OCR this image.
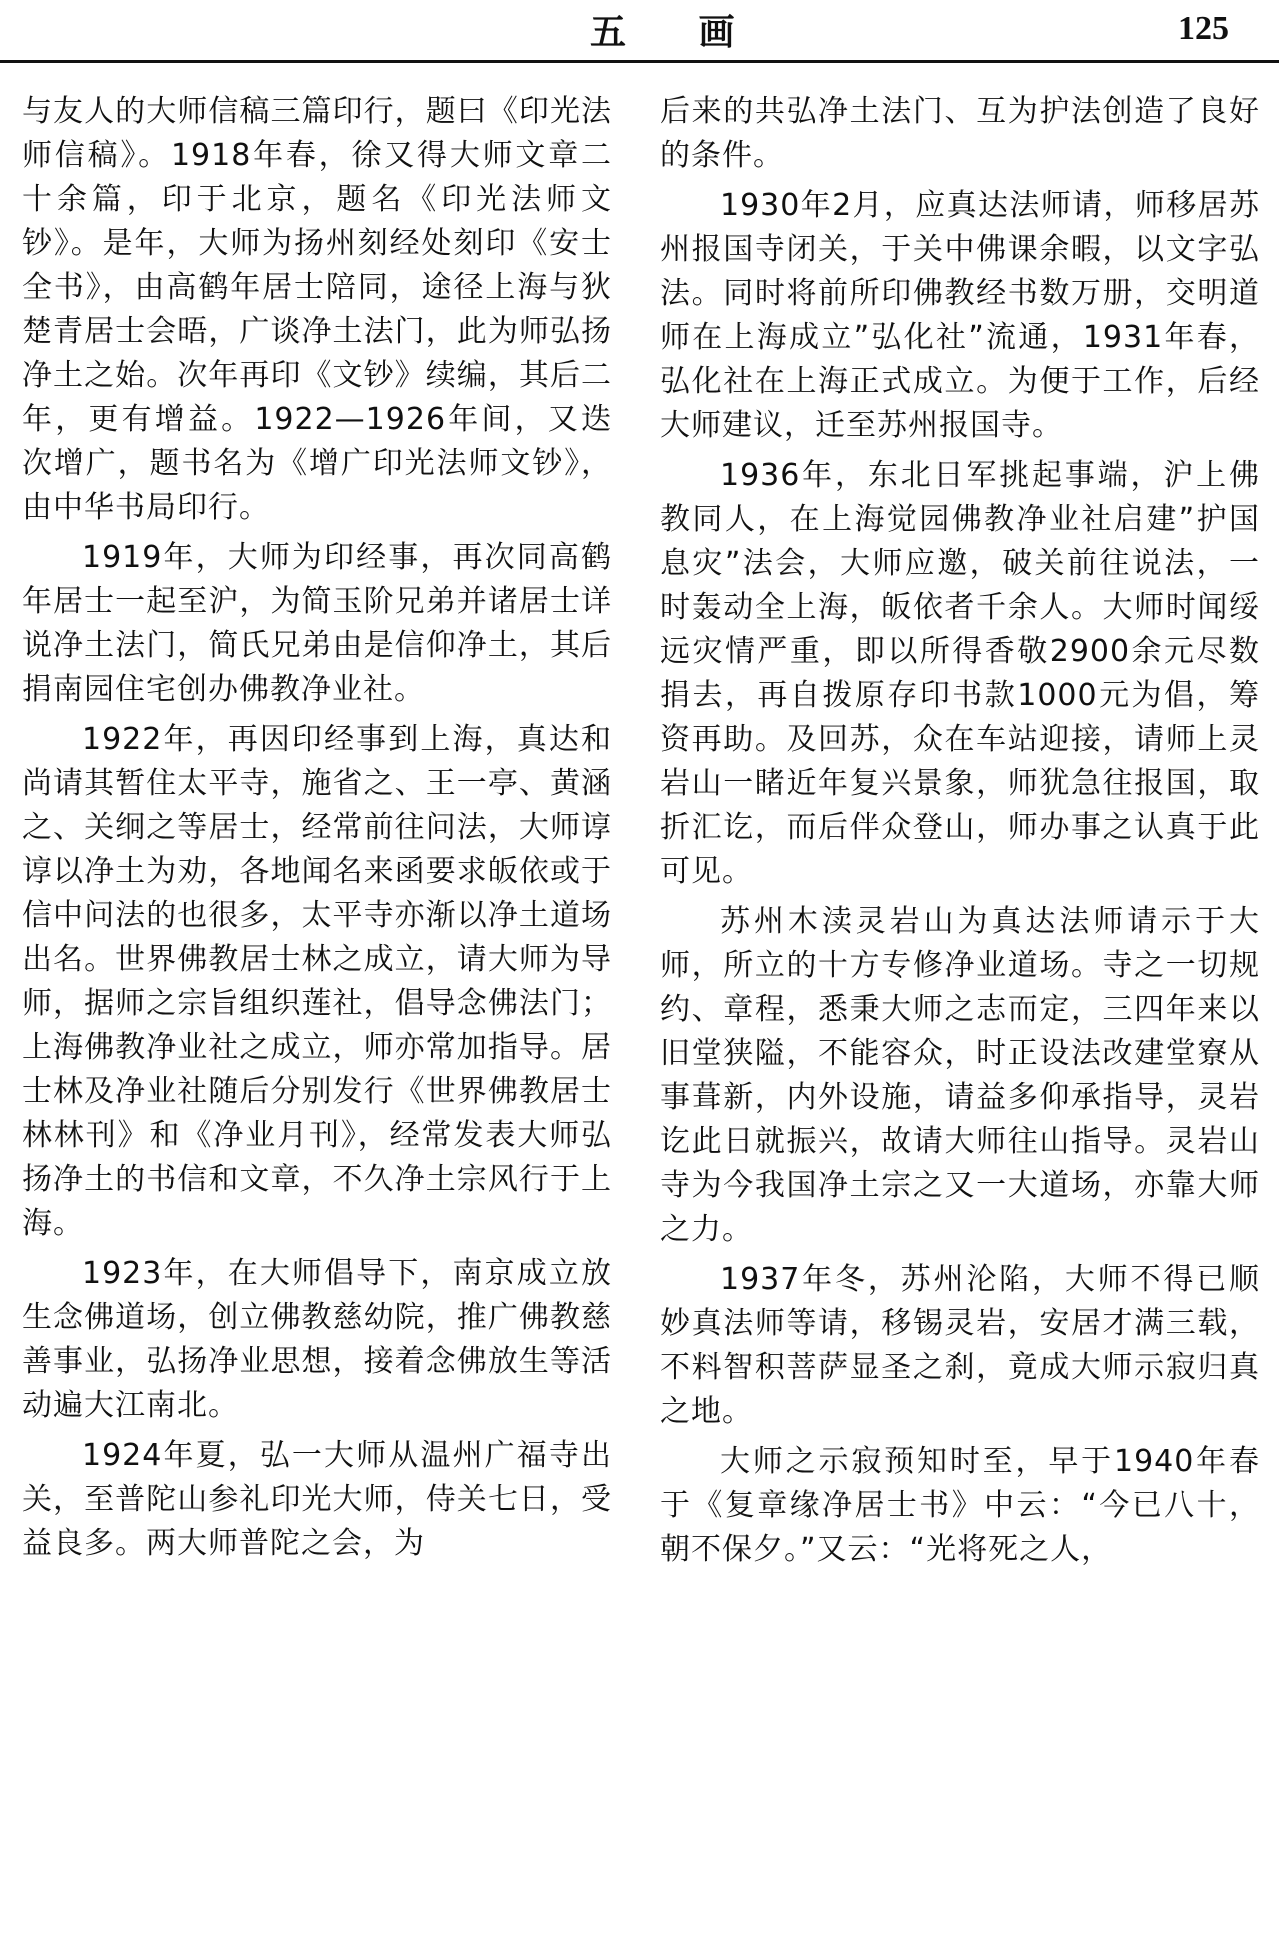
五 画	125

与友人的大师信稿三篇印行，题曰《印光法师信稿》。1918年春，徐又得大师文章二十余篇，印于北京，题名《印光法师文钞》。是年，大师为扬州刻经处刻印《安士全书》，由高鹤年居士陪同，途径上海与狄楚青居士会晤，广谈净土法门，此为师弘扬净土之始。次年再印《文钞》续编，其后二年，更有增益。1922—1926年间，又迭次增广，题书名为《增广印光法师文钞》，由中华书局印行。

1919年，大师为印经事，再次同高鹤年居士一起至沪，为简玉阶兄弟并诸居士详说净土法门，简氏兄弟由是信仰净土，其后捐南园住宅创办佛教净业社。

1922年，再因印经事到上海，真达和尚请其暂住太平寺，施省之、王一亭、黄涵之、关䌹之等居士，经常前往问法，大师谆谆以净土为劝，各地闻名来函要求皈依或于信中问法的也很多，太平寺亦渐以净土道场出名。世界佛教居士林之成立，请大师为导师，据师之宗旨组织莲社，倡导念佛法门；上海佛教净业社之成立，师亦常加指导。居士林及净业社随后分别发行《世界佛教居士林林刊》和《净业月刊》，经常发表大师弘扬净土的书信和文章，不久净土宗风行于上海。

1923年，在大师倡导下，南京成立放生念佛道场，创立佛教慈幼院，推广佛教慈善事业，弘扬净业思想，接着念佛放生等活动遍大江南北。

1924年夏，弘一大师从温州广福寺出关，至普陀山参礼印光大师，侍关七日，受益良多。两大师普陀之会，为

后来的共弘净土法门、互为护法创造了良好的条件。

1930年2月，应真达法师请，师移居苏州报国寺闭关，于关中佛课余暇，以文字弘法。同时将前所印佛教经书数万册，交明道师在上海成立”弘化社”流通，1931年春，弘化社在上海正式成立。为便于工作，后经大师建议，迁至苏州报国寺。

1936年，东北日军挑起事端，沪上佛教同人，在上海觉园佛教净业社启建”护国息灾”法会，大师应邀，破关前往说法，一时轰动全上海，皈依者千余人。大师时闻绥远灾情严重，即以所得香敬2900余元尽数捐去，再自拨原存印书款1000元为倡，筹资再助。及回苏，众在车站迎接，请师上灵岩山一睹近年复兴景象，师犹急往报国，取折汇讫，而后伴众登山，师办事之认真于此可见。

苏州木渎灵岩山为真达法师请示于大师，所立的十方专修净业道场。寺之一切规约、章程，悉秉大师之志而定，三四年来以旧堂狭隘，不能容众，时正设法改建堂寮从事葺新，内外设施，请益多仰承指导，灵岩讫此日就振兴，故请大师往山指导。灵岩山寺为今我国净土宗之又一大道场，亦靠大师之力。

1937年冬，苏州沦陷，大师不得已顺妙真法师等请，移锡灵岩，安居才满三载，不料智积菩萨显圣之刹，竟成大师示寂归真之地。

大师之示寂预知时至，早于1940年春于《复章缘净居士书》中云：“今已八十，朝不保夕。”又云：“光将死之人，
